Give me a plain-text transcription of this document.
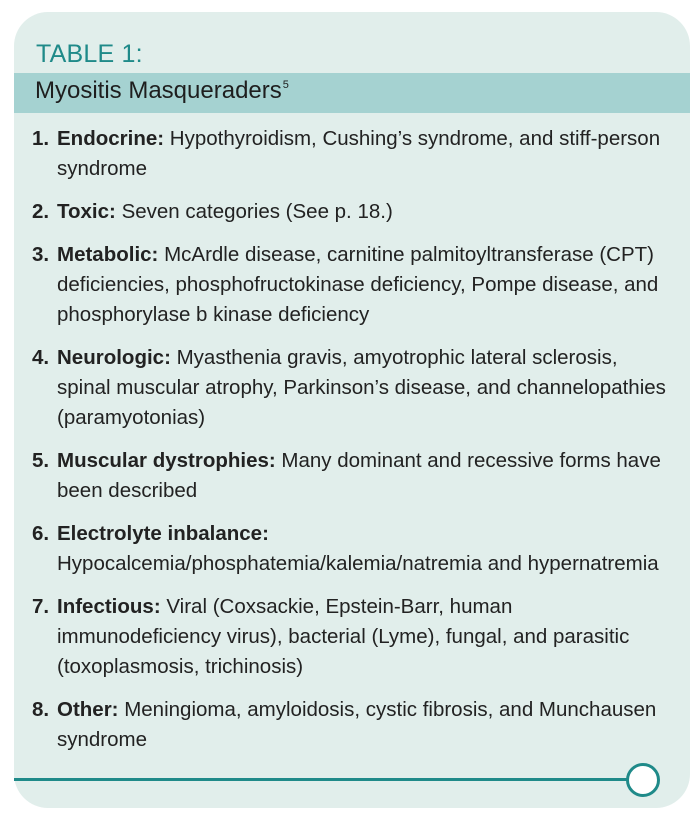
TABLE 1:
Myositis Masqueraders$^5$
1. Endocrine: Hypothyroidism, Cushing’s syndrome, and stiff-person syndrome
2. Toxic: Seven categories (See p. 18.)
3. Metabolic: McArdle disease, carnitine palmitoyltransferase (CPT) deficiencies, phosphofructokinase deficiency, Pompe disease, and phosphorylase b kinase deficiency
4. Neurologic: Myasthenia gravis, amyotrophic lateral sclerosis, spinal muscular atrophy, Parkinson’s disease, and channelopathies (paramyotonias)
5. Muscular dystrophies: Many dominant and recessive forms have been described
6. Electrolyte inbalance: Hypocalcemia/phosphatemia/kalemia/natremia and hypernatremia
7. Infectious: Viral (Coxsackie, Epstein-Barr, human immunodeficiency virus), bacterial (Lyme), fungal, and parasitic (toxoplasmosis, trichinosis)
8. Other: Meningioma, amyloidosis, cystic fibrosis, and Munchausen syndrome
